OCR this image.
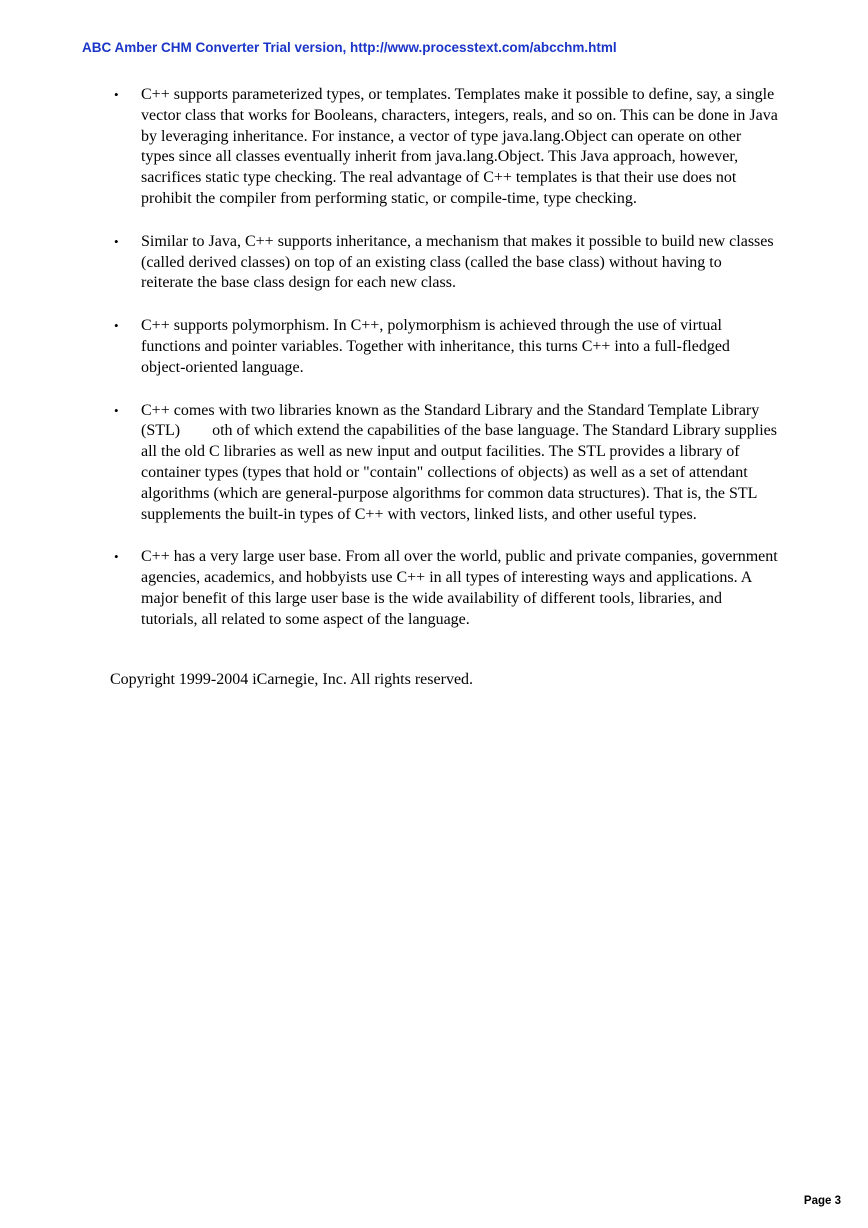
ABC Amber CHM Converter Trial version, http://www.processtext.com/abcchm.html
• C++ supports parameterized types, or templates. Templates make it possible to define, say, a single vector class that works for Booleans, characters, integers, reals, and so on. This can be done in Java by leveraging inheritance. For instance, a vector of type java.lang.Object can operate on other types since all classes eventually inherit from java.lang.Object. This Java approach, however, sacrifices static type checking. The real advantage of C++ templates is that their use does not prohibit the compiler from performing static, or compile-time, type checking.
• Similar to Java, C++ supports inheritance, a mechanism that makes it possible to build new classes (called derived classes) on top of an existing class (called the base class) without having to reiterate the base class design for each new class.
• C++ supports polymorphism. In C++, polymorphism is achieved through the use of virtual functions and pointer variables. Together with inheritance, this turns C++ into a full-fledged object-oriented language.
• C++ comes with two libraries known as the Standard Library and the Standard Template Library (STL)        oth of which extend the capabilities of the base language. The Standard Library supplies all the old C libraries as well as new input and output facilities. The STL provides a library of container types (types that hold or "contain" collections of objects) as well as a set of attendant algorithms (which are general-purpose algorithms for common data structures). That is, the STL supplements the built-in types of C++ with vectors, linked lists, and other useful types.
• C++ has a very large user base. From all over the world, public and private companies, government agencies, academics, and hobbyists use C++ in all types of interesting ways and applications. A major benefit of this large user base is the wide availability of different tools, libraries, and tutorials, all related to some aspect of the language.
Copyright 1999-2004 iCarnegie, Inc. All rights reserved.
Page 3
